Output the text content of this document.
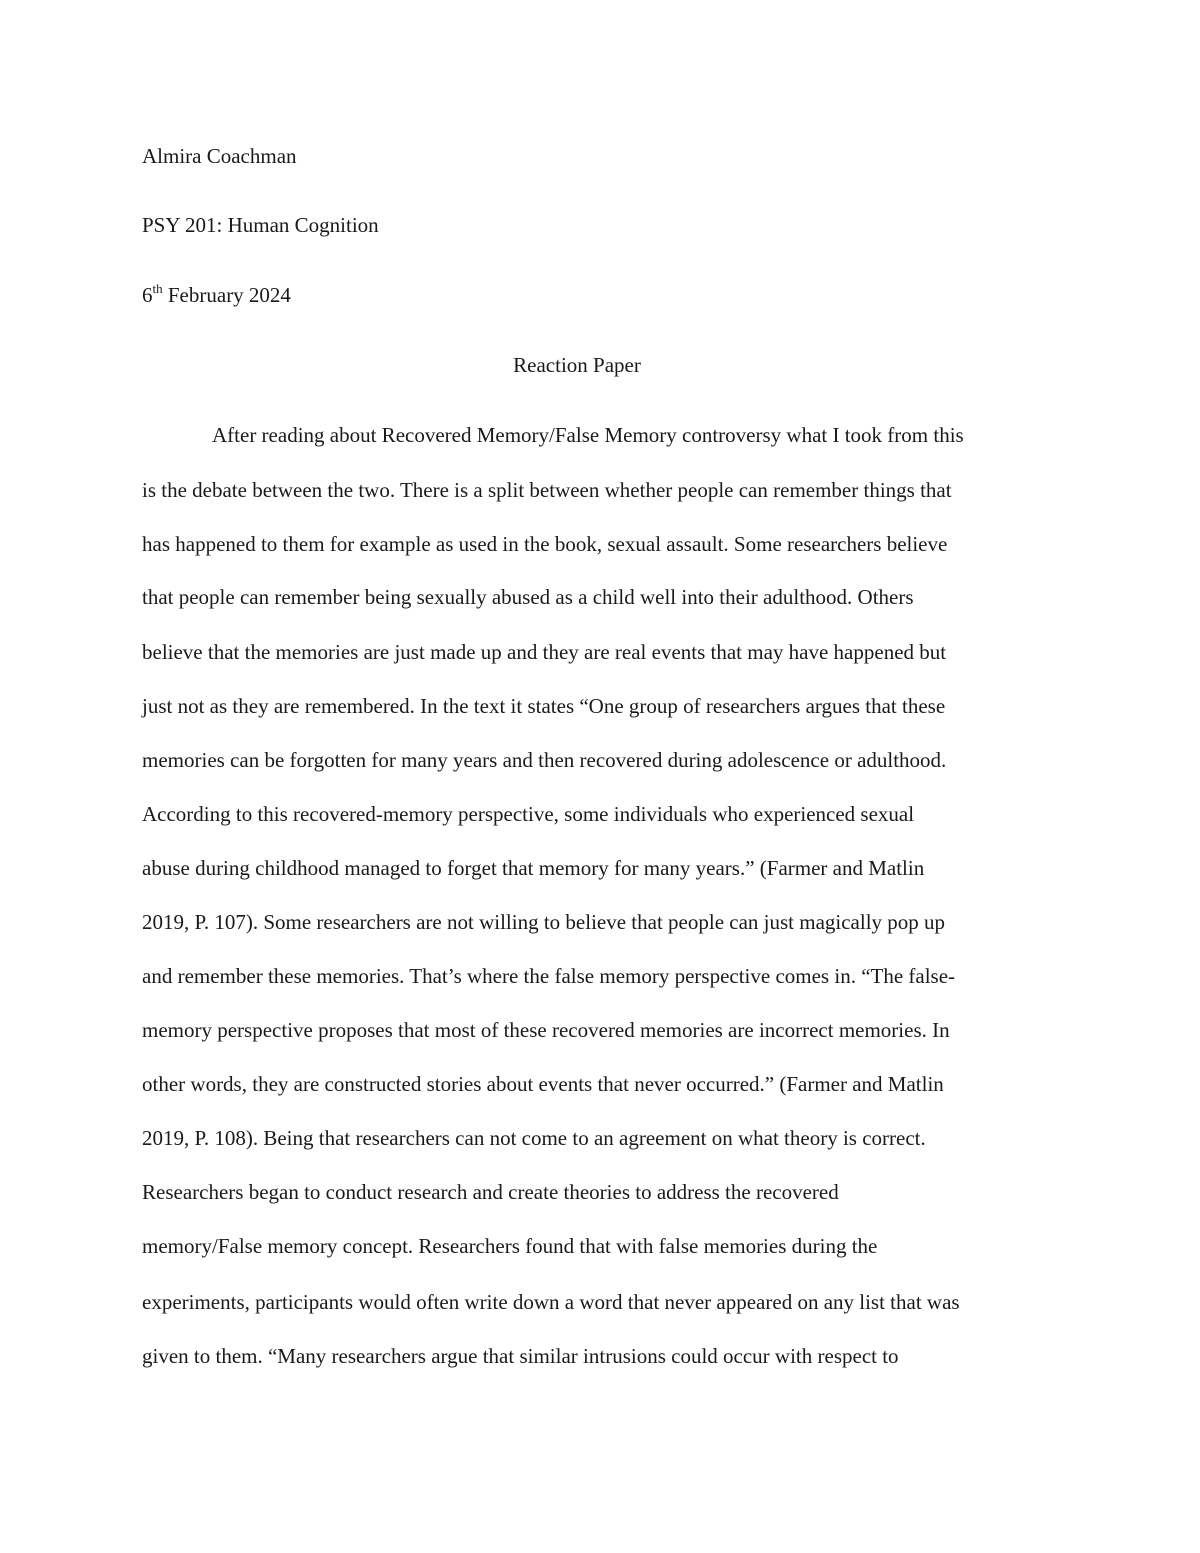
Almira Coachman
PSY 201: Human Cognition
6th February 2024
Reaction Paper
After reading about Recovered Memory/False Memory controversy what I took from this
is the debate between the two. There is a split between whether people can remember things that
has happened to them for example as used in the book, sexual assault. Some researchers believe
that people can remember being sexually abused as a child well into their adulthood. Others
believe that the memories are just made up and they are real events that may have happened but
just not as they are remembered. In the text it states “One group of researchers argues that these
memories can be forgotten for many years and then recovered during adolescence or adulthood.
According to this recovered-memory perspective, some individuals who experienced sexual
abuse during childhood managed to forget that memory for many years.” (Farmer and Matlin
2019, P. 107). Some researchers are not willing to believe that people can just magically pop up
and remember these memories. That’s where the false memory perspective comes in. “The false-
memory perspective proposes that most of these recovered memories are incorrect memories. In
other words, they are constructed stories about events that never occurred.” (Farmer and Matlin
2019, P. 108). Being that researchers can not come to an agreement on what theory is correct.
Researchers began to conduct research and create theories to address the recovered
memory/False memory concept. Researchers found that with false memories during the
experiments, participants would often write down a word that never appeared on any list that was
given to them. “Many researchers argue that similar intrusions could occur with respect to
